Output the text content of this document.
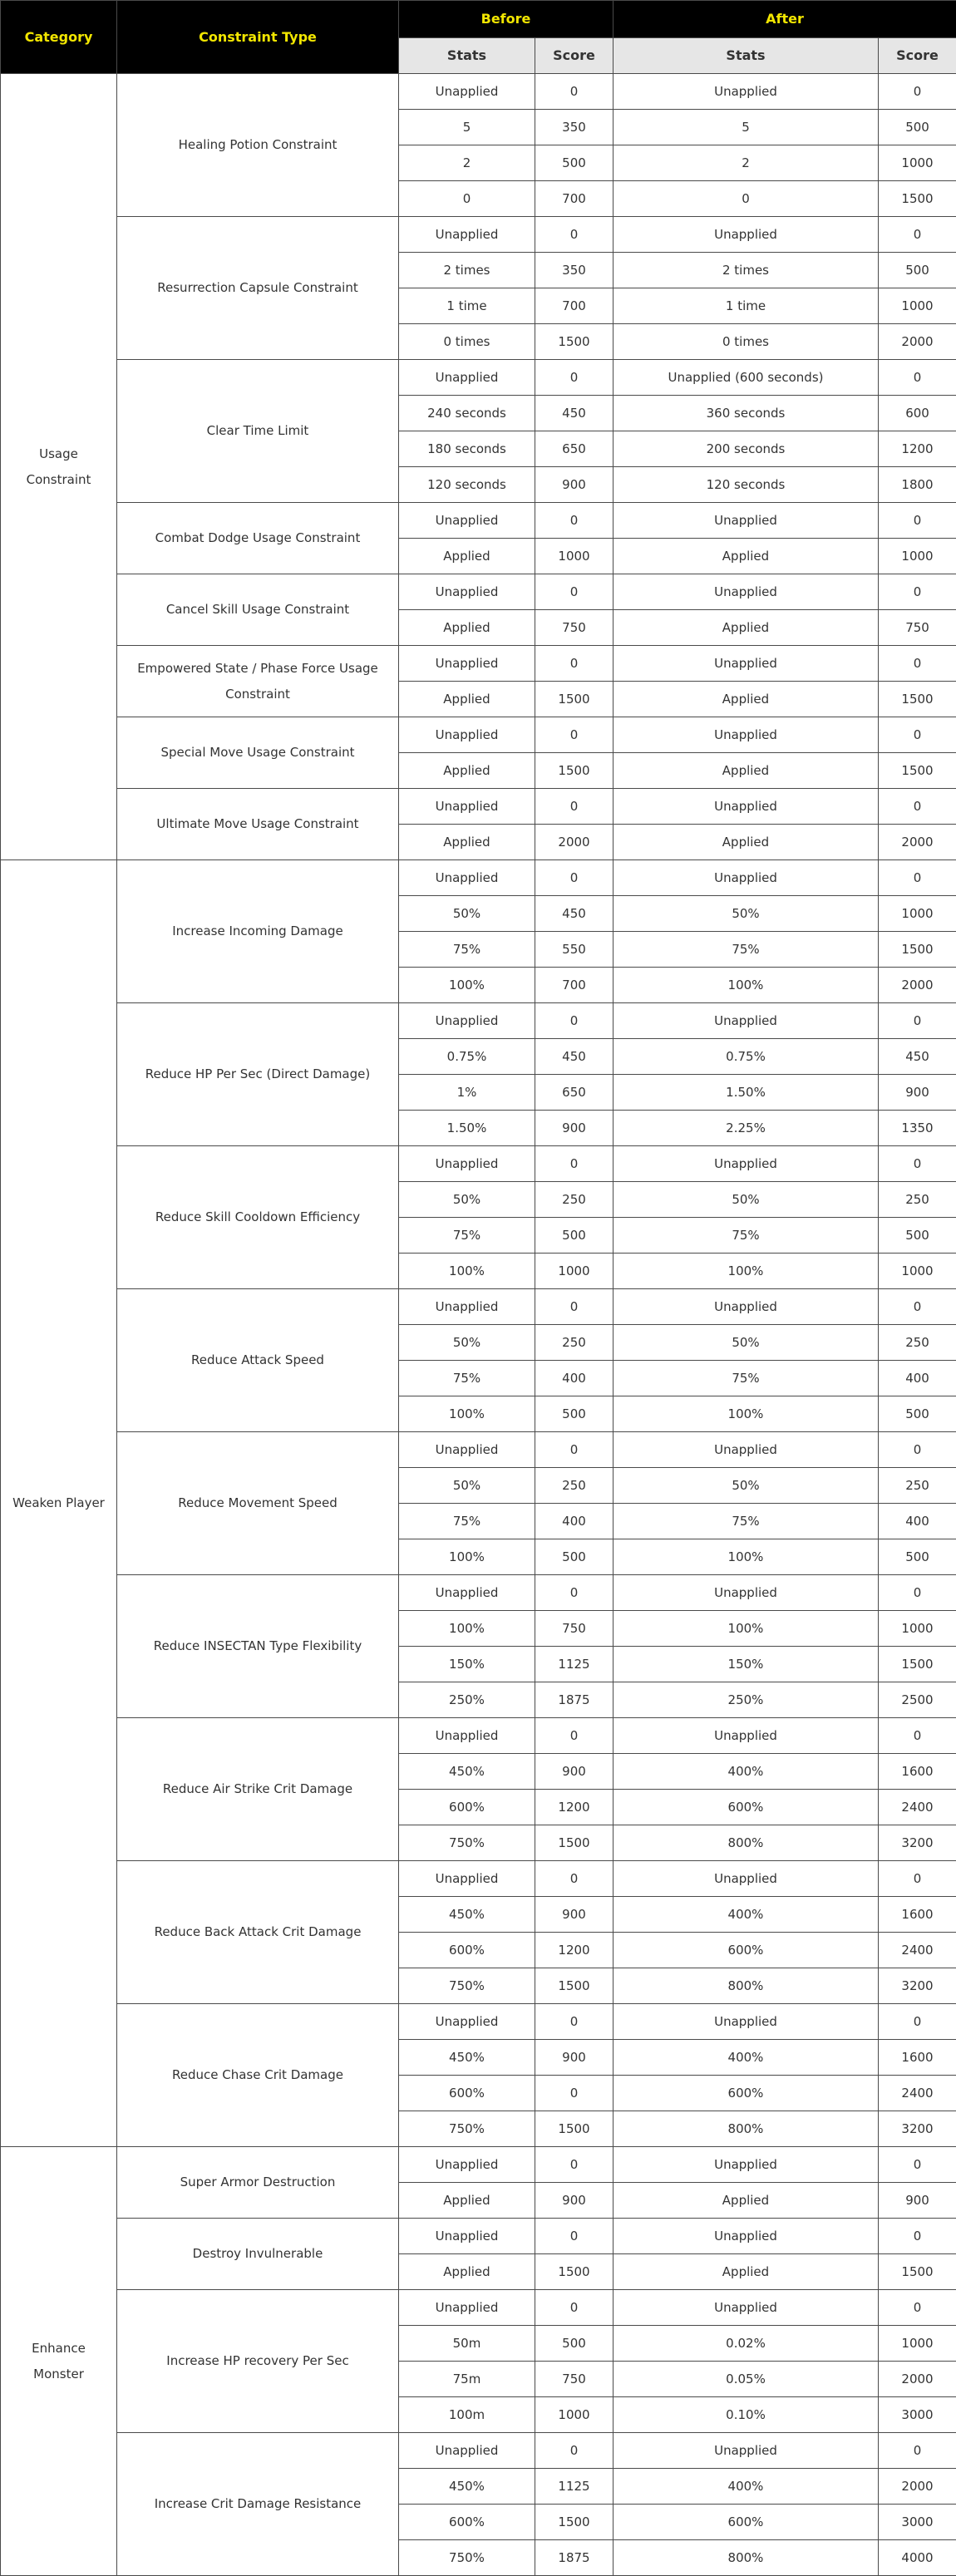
Category	Constraint Type	Before		After	
		Stats	Score	Stats	Score
Usage Constraint	Healing Potion Constraint	Unapplied	0	Unapplied	0
		5	350	5	500
		2	500	2	1000
		0	700	0	1500
	Resurrection Capsule Constraint	Unapplied	0	Unapplied	0
		2 times	350	2 times	500
		1 time	700	1 time	1000
		0 times	1500	0 times	2000
	Clear Time Limit	Unapplied	0	Unapplied (600 seconds)	0
		240 seconds	450	360 seconds	600
		180 seconds	650	200 seconds	1200
		120 seconds	900	120 seconds	1800
	Combat Dodge Usage Constraint	Unapplied	0	Unapplied	0
		Applied	1000	Applied	1000
	Cancel Skill Usage Constraint	Unapplied	0	Unapplied	0
		Applied	750	Applied	750
	Empowered State / Phase Force Usage Constraint	Unapplied	0	Unapplied	0
		Applied	1500	Applied	1500
	Special Move Usage Constraint	Unapplied	0	Unapplied	0
		Applied	1500	Applied	1500
	Ultimate Move Usage Constraint	Unapplied	0	Unapplied	0
		Applied	2000	Applied	2000
Weaken Player	Increase Incoming Damage	Unapplied	0	Unapplied	0
		50%	450	50%	1000
		75%	550	75%	1500
		100%	700	100%	2000
	Reduce HP Per Sec (Direct Damage)	Unapplied	0	Unapplied	0
		0.75%	450	0.75%	450
		1%	650	1.50%	900
		1.50%	900	2.25%	1350
	Reduce Skill Cooldown Efficiency	Unapplied	0	Unapplied	0
		50%	250	50%	250
		75%	500	75%	500
		100%	1000	100%	1000
	Reduce Attack Speed	Unapplied	0	Unapplied	0
		50%	250	50%	250
		75%	400	75%	400
		100%	500	100%	500
	Reduce Movement Speed	Unapplied	0	Unapplied	0
		50%	250	50%	250
		75%	400	75%	400
		100%	500	100%	500
	Reduce INSECTAN Type Flexibility	Unapplied	0	Unapplied	0
		100%	750	100%	1000
		150%	1125	150%	1500
		250%	1875	250%	2500
	Reduce Air Strike Crit Damage	Unapplied	0	Unapplied	0
		450%	900	400%	1600
		600%	1200	600%	2400
		750%	1500	800%	3200
	Reduce Back Attack Crit Damage	Unapplied	0	Unapplied	0
		450%	900	400%	1600
		600%	1200	600%	2400
		750%	1500	800%	3200
	Reduce Chase Crit Damage	Unapplied	0	Unapplied	0
		450%	900	400%	1600
		600%	0	600%	2400
		750%	1500	800%	3200
Enhance Monster	Super Armor Destruction	Unapplied	0	Unapplied	0
		Applied	900	Applied	900
	Destroy Invulnerable	Unapplied	0	Unapplied	0
		Applied	1500	Applied	1500
	Increase HP recovery Per Sec	Unapplied	0	Unapplied	0
		50m	500	0.02%	1000
		75m	750	0.05%	2000
		100m	1000	0.10%	3000
	Increase Crit Damage Resistance	Unapplied	0	Unapplied	0
		450%	1125	400%	2000
		600%	1500	600%	3000
		750%	1875	800%	4000
